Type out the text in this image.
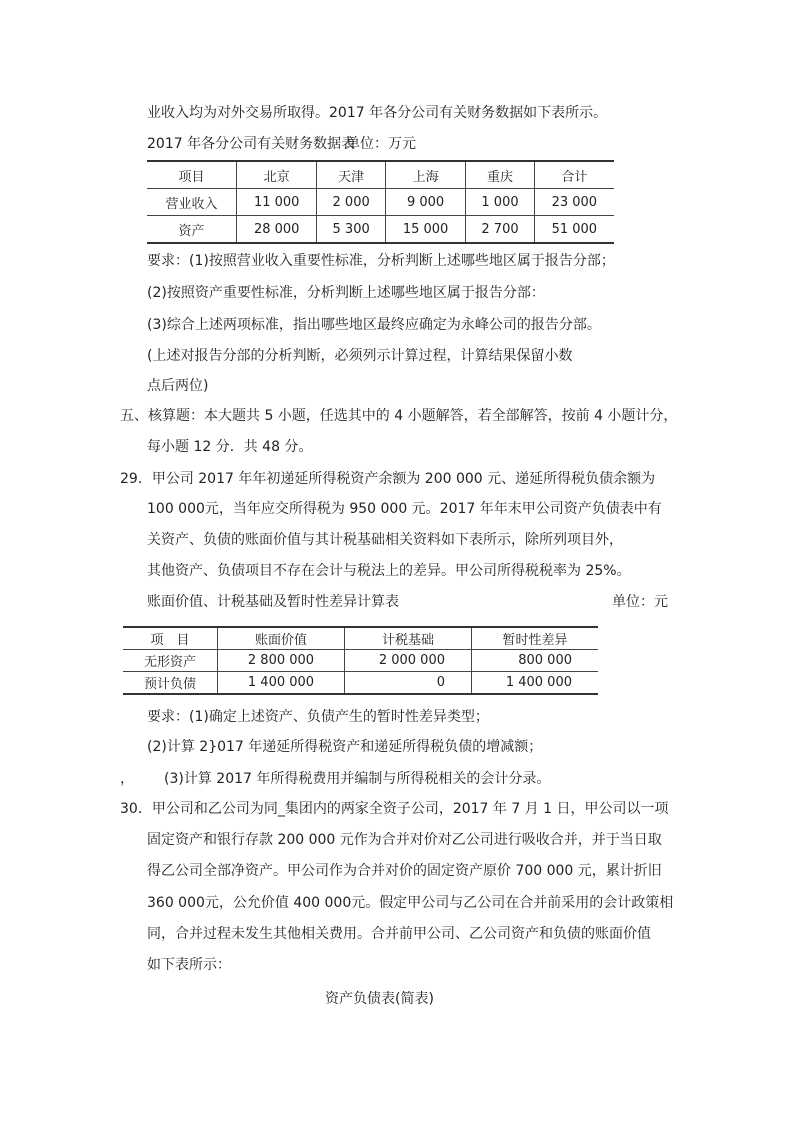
业收入均为对外交易所取得。2017 年各分公司有关财务数据如下表所示。
2017 年各分公司有关财务数据表
单位：万元
项目	北京	天津	上海	重庆	合计
营业收入	11 000	2 000	9 000	1 000	23 000
资产	28 000	5 300	15 000	2 700	51 000
要求：(1)按照营业收入重要性标准，分析判断上述哪些地区属于报告分部；
(2)按照资产重要性标准，分析判断上述哪些地区属于报告分部：
(3)综合上述两项标准，指出哪些地区最终应确定为永峰公司的报告分部。
(上述对报告分部的分析判断，必须列示计算过程，计算结果保留小数
点后两位)
五、核算题：本大题共 5 小题，任选其中的 4 小题解答，若全部解答，按前 4 小题计分，
每小题 12 分．共 48 分。
29．甲公司 2017 年年初递延所得税资产余额为 200 000 元、递延所得税负债余额为
100 000元，当年应交所得税为 950 000 元。2017 年年末甲公司资产负债表中有
关资产、负债的账面价值与其计税基础相关资料如下表所示，除所列项目外，
其他资产、负债项目不存在会计与税法上的差异。甲公司所得税税率为 25%。
账面价值、计税基础及暂时性差异计算表	单位：元
项　目	账面价值	计税基础	暂时性差异
无形资产	2 800 000	2 000 000	800 000
预计负债	1 400 000	0	1 400 000
要求：(1)确定上述资产、负债产生的暂时性差异类型；
(2)计算 2}017 年递延所得税资产和递延所得税负债的增减额；
， (3)计算 2017 年所得税费用并编制与所得税相关的会计分录。
30．甲公司和乙公司为同_集团内的两家全资子公司，2017 年 7 月 1 日，甲公司以一项
固定资产和银行存款 200 000 元作为合并对价对乙公司进行吸收合并，并于当日取
得乙公司全部净资产。甲公司作为合并对价的固定资产原价 700 000 元，累计折旧
360 000元，公允价值 400 000元。假定甲公司与乙公司在合并前采用的会计政策相
同，合并过程未发生其他相关费用。合并前甲公司、乙公司资产和负债的账面价值
如下表所示：
资产负债表(简表)
